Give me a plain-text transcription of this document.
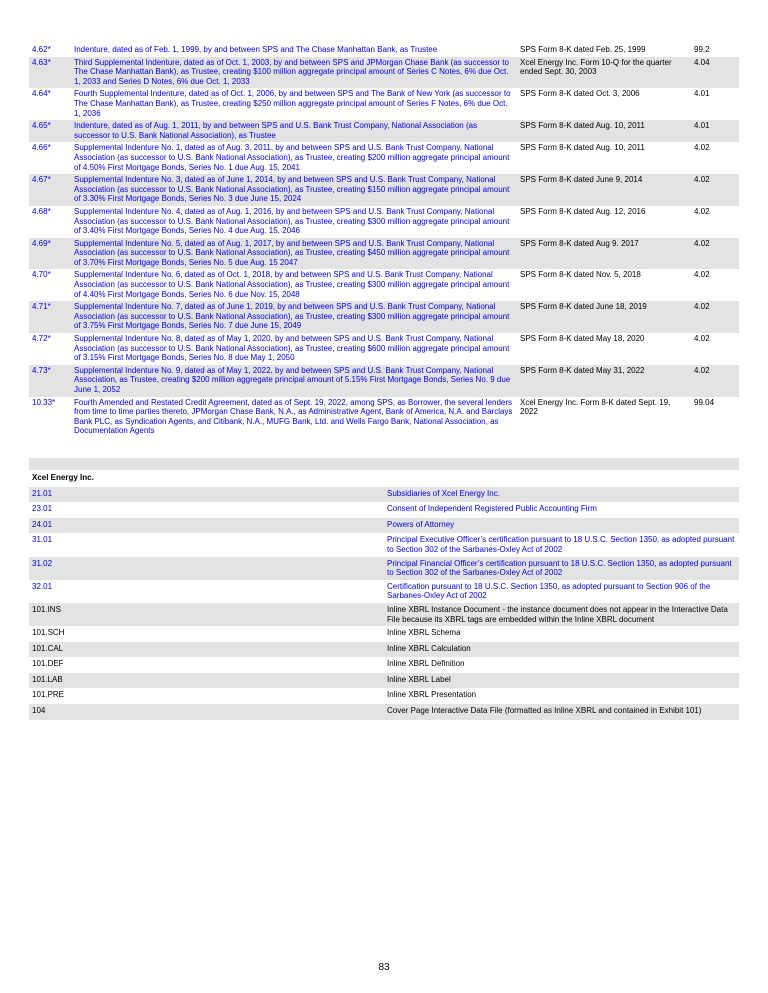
4.62*	Indenture, dated as of Feb. 1, 1999, by and between SPS and The Chase Manhattan Bank, as Trustee	SPS Form 8-K dated Feb. 25, 1999	99.2
4.63*	Third Supplemental Indenture, dated as of Oct. 1, 2003, by and between SPS and JPMorgan Chase Bank (as successor to The Chase Manhattan Bank), as Trustee, creating $100 million aggregate principal amount of Series C Notes, 6% due Oct. 1, 2033 and Series D Notes, 6% due Oct. 1, 2033	Xcel Energy Inc. Form 10-Q for the quarter ended Sept. 30, 2003	4.04
4.64*	Fourth Supplemental Indenture, dated as of Oct. 1, 2006, by and between SPS and The Bank of New York (as successor to The Chase Manhattan Bank), as Trustee, creating $250 million aggregate principal amount of Series F Notes, 6% due Oct. 1, 2036	SPS Form 8-K dated Oct. 3, 2006	4.01
4.65*	Indenture, dated as of Aug. 1, 2011, by and between SPS and U.S. Bank Trust Company, National Association (as successor to U.S. Bank National Association), as Trustee	SPS Form 8-K dated Aug. 10, 2011	4.01
4.66*	Supplemental Indenture No. 1, dated as of Aug. 3, 2011, by and between SPS and U.S. Bank Trust Company, National Association (as successor to U.S. Bank National Association), as Trustee, creating $200 million aggregate principal amount of 4.50% First Mortgage Bonds, Series No. 1 due Aug. 15, 2041	SPS Form 8-K dated Aug. 10, 2011	4.02
4.67*	Supplemental Indenture No. 3, dated as of June 1, 2014, by and between SPS and U.S. Bank Trust Company, National Association (as successor to U.S. Bank National Association), as Trustee, creating $150 million aggregate principal amount of 3.30% First Mortgage Bonds, Series No. 3 due June 15, 2024	SPS Form 8-K dated June 9, 2014	4.02
4.68*	Supplemental Indenture No. 4, dated as of Aug. 1, 2016, by and between SPS and U.S. Bank Trust Company, National Association (as successor to U.S. Bank National Association), as Trustee, creating $300 million aggregate principal amount of 3.40% First Mortgage Bonds, Series No. 4 due Aug. 15, 2046	SPS Form 8-K dated Aug. 12, 2016	4.02
4.69*	Supplemental Indenture No. 5, dated as of Aug. 1, 2017, by and between SPS and U.S. Bank Trust Company, National Association (as successor to U.S. Bank National Association), as Trustee, creating $450 million aggregate principal amount of 3.70% First Mortgage Bonds, Series No. 5 due Aug. 15 2047	SPS Form 8-K dated Aug 9. 2017	4.02
4.70*	Supplemental Indenture No. 6, dated as of Oct. 1, 2018, by and between SPS and U.S. Bank Trust Company, National Association (as successor to U.S. Bank National Association), as Trustee, creating $300 million aggregate principal amount of 4.40% First Mortgage Bonds, Series No. 6 due Nov. 15, 2048	SPS Form 8-K dated Nov. 5, 2018	4.02
4.71*	Supplemental Indenture No. 7, dated as of June 1, 2019, by and between SPS and U.S. Bank Trust Company, National Association (as successor to U.S. Bank National Association), as Trustee, creating $300 million aggregate principal amount of 3.75% First Mortgage Bonds, Series No. 7 due June 15, 2049	SPS Form 8-K dated June 18, 2019	4.02
4.72*	Supplemental Indenture No. 8, dated as of May 1, 2020, by and between SPS and U.S. Bank Trust Company, National Association (as successor to U.S. Bank National Association), as Trustee, creating $600 million aggregate principal amount of 3.15% First Mortgage Bonds, Series No. 8 due May 1, 2050	SPS Form 8-K dated May 18, 2020	4.02
4.73*	Supplemental Indenture No. 9, dated as of May 1, 2022, by and between SPS and U.S. Bank Trust Company, National Association, as Trustee, creating $200 million aggregate principal amount of 5.15% First Mortgage Bonds, Series No. 9 due June 1, 2052	SPS Form 8-K dated May 31, 2022	4.02
10.33*	Fourth Amended and Restated Credit Agreement, dated as of Sept. 19, 2022, among SPS, as Borrower, the several lenders from time to time parties thereto, JPMorgan Chase Bank, N.A., as Administrative Agent, Bank of America, N.A. and Barclays Bank PLC, as Syndication Agents, and Citibank, N.A., MUFG Bank, Ltd. and Wells Fargo Bank, National Association, as Documentation Agents	Xcel Energy Inc. Form 8-K dated Sept. 19, 2022	99.04

Xcel Energy Inc.	
21.01	Subsidiaries of Xcel Energy Inc.
23.01	Consent of Independent Registered Public Accounting Firm
24.01	Powers of Attorney
31.01	Principal Executive Officer’s certification pursuant to 18 U.S.C. Section 1350, as adopted pursuant to Section 302 of the Sarbanes-Oxley Act of 2002
31.02	Principal Financial Officer’s certification pursuant to 18 U.S.C. Section 1350, as adopted pursuant to Section 302 of the Sarbanes-Oxley Act of 2002
32.01	Certification pursuant to 18 U.S.C. Section 1350, as adopted pursuant to Section 906 of the Sarbanes-Oxley Act of 2002
101.INS	Inline XBRL Instance Document - the instance document does not appear in the Interactive Data File because its XBRL tags are embedded within the Inline XBRL document
101.SCH	Inline XBRL Schema
101.CAL	Inline XBRL Calculation
101.DEF	Inline XBRL Definition
101.LAB	Inline XBRL Label
101.PRE	Inline XBRL Presentation
104	Cover Page Interactive Data File (formatted as Inline XBRL and contained in Exhibit 101)
83
